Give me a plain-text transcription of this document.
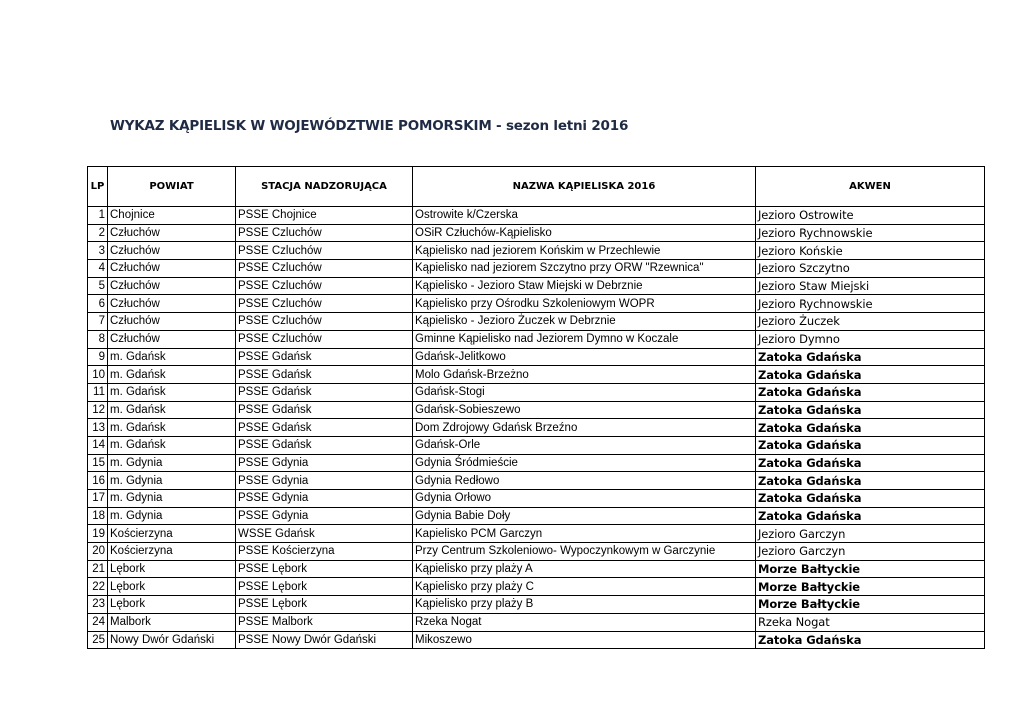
WYKAZ KĄPIELISK W WOJEWÓDZTWIE POMORSKIM - sezon letni 2016
LP	POWIAT	STACJA NADZORUJĄCA	NAZWA KĄPIELISKA 2016	AKWEN
1	Chojnice	PSSE Chojnice	Ostrowite k/Czerska	Jezioro Ostrowite
2	Człuchów	PSSE Czluchów	OSiR Człuchów-Kąpielisko	Jezioro Rychnowskie
3	Człuchów	PSSE Czluchów	Kąpielisko nad jeziorem Końskim w Przechlewie	Jezioro Końskie
4	Człuchów	PSSE Czluchów	Kąpielisko nad jeziorem Szczytno przy ORW "Rzewnica"	Jezioro Szczytno
5	Człuchów	PSSE Czluchów	Kąpielisko - Jezioro Staw Miejski w Debrznie	Jezioro Staw Miejski
6	Człuchów	PSSE Czluchów	Kąpielisko przy Ośrodku Szkoleniowym WOPR	Jezioro Rychnowskie
7	Człuchów	PSSE Czluchów	Kąpielisko - Jezioro Żuczek w Debrznie	Jezioro Żuczek
8	Człuchów	PSSE Czluchów	Gminne Kąpielisko nad Jeziorem Dymno w Koczale	Jezioro Dymno
9	m. Gdańsk	PSSE Gdańsk	Gdańsk-Jelitkowo	Zatoka Gdańska
10	m. Gdańsk	PSSE Gdańsk	Molo Gdańsk-Brzeżno	Zatoka Gdańska
11	m. Gdańsk	PSSE Gdańsk	Gdańsk-Stogi	Zatoka Gdańska
12	m. Gdańsk	PSSE Gdańsk	Gdańsk-Sobieszewo	Zatoka Gdańska
13	m. Gdańsk	PSSE Gdańsk	Dom Zdrojowy Gdańsk Brzeźno	Zatoka Gdańska
14	m. Gdańsk	PSSE Gdańsk	Gdańsk-Orle	Zatoka Gdańska
15	m. Gdynia	PSSE Gdynia	Gdynia Śródmieście	Zatoka Gdańska
16	m. Gdynia	PSSE Gdynia	Gdynia Redłowo	Zatoka Gdańska
17	m. Gdynia	PSSE Gdynia	Gdynia Orłowo	Zatoka Gdańska
18	m. Gdynia	PSSE Gdynia	Gdynia Babie Doły	Zatoka Gdańska
19	Kościerzyna	WSSE Gdańsk	Kapielisko PCM Garczyn	Jezioro Garczyn
20	Kościerzyna	PSSE Kościerzyna	Przy Centrum Szkoleniowo- Wypoczynkowym w Garczynie	Jezioro Garczyn
21	Lębork	PSSE Lębork	Kąpielisko przy plaży A	Morze Bałtyckie
22	Lębork	PSSE Lębork	Kąpielisko przy plaży C	Morze Bałtyckie
23	Lębork	PSSE Lębork	Kąpielisko przy plaży B	Morze Bałtyckie
24	Malbork	PSSE Malbork	Rzeka Nogat	Rzeka Nogat
25	Nowy Dwór Gdański	PSSE Nowy Dwór Gdański	Mikoszewo	Zatoka Gdańska
